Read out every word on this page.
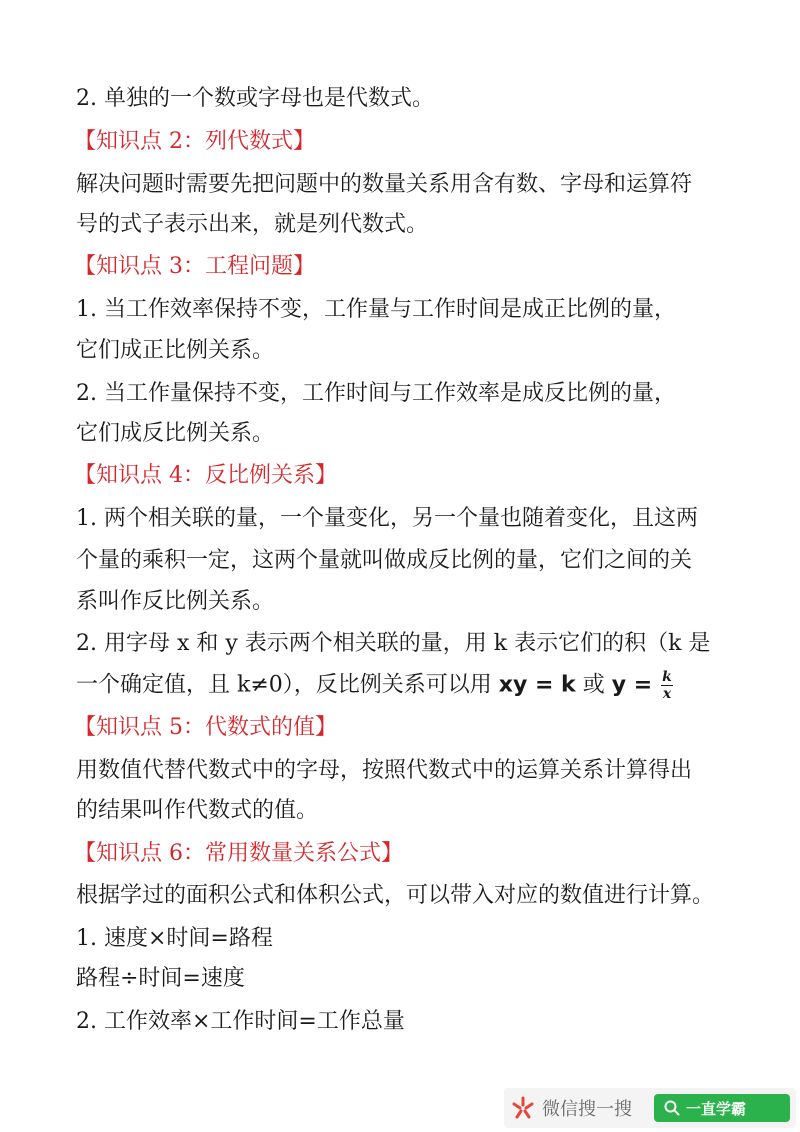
2. 单独的一个数或字母也是代数式。
【知识点 2：列代数式】
解决问题时需要先把问题中的数量关系用含有数、字母和运算符
号的式子表示出来，就是列代数式。
【知识点 3：工程问题】
1. 当工作效率保持不变，工作量与工作时间是成正比例的量，
它们成正比例关系。
2. 当工作量保持不变，工作时间与工作效率是成反比例的量，
它们成反比例关系。
【知识点 4：反比例关系】
1. 两个相关联的量，一个量变化，另一个量也随着变化，且这两
个量的乘积一定，这两个量就叫做成反比例的量，它们之间的关
系叫作反比例关系。
2. 用字母 x 和 y 表示两个相关联的量，用 k 表示它们的积（k 是
一个确定值，且 k≠0），反比例关系可以用 xy = k 或 $y = \frac{k}{x}$
【知识点 5：代数式的值】
用数值代替代数式中的字母，按照代数式中的运算关系计算得出
的结果叫作代数式的值。
【知识点 6：常用数量关系公式】
根据学过的面积公式和体积公式，可以带入对应的数值进行计算。
1. 速度×时间=路程
路程÷时间=速度
2. 工作效率×工作时间=工作总量
微信搜一搜	一直学霸
